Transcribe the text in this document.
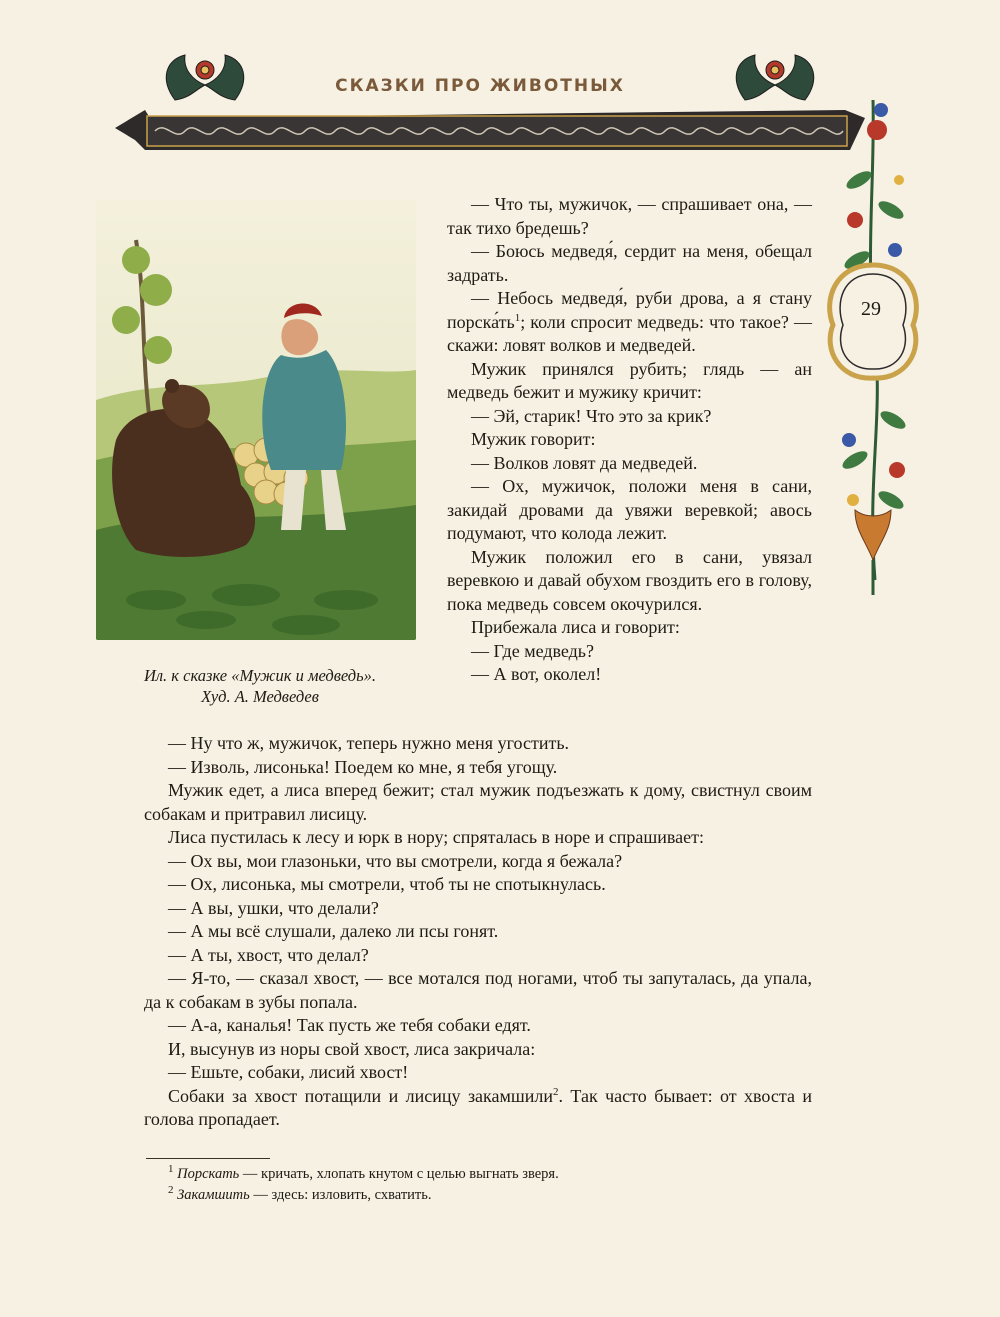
СКАЗКИ ПРО ЖИВОТНЫХ
29
Ил. к сказке «Мужик и медведь».
Худ. А. Медведев

— Что ты, мужичок, — спрашивает она, — так тихо бредешь?

— Боюсь медведя́, сердит на меня, обещал задрать.

— Небось медведя́, руби дрова, а я стану $порска́ть^1$; коли спросит медведь: что такое? — скажи: ловят волков и медведей.

Мужик принялся рубить; глядь — ан медведь бежит и мужику кричит:

— Эй, старик! Что это за крик?

Мужик говорит:

— Волков ловят да медведей.

— Ох, мужичок, положи меня в сани, закидай дровами да увяжи веревкой; авось подумают, что колода лежит.

Мужик положил его в сани, увязал веревкою и давай обухом гвоздить его в голову, пока медведь совсем окочурился.

Прибежала лиса и говорит:

— Где медведь?

— А вот, околел!

— Ну что ж, мужичок, теперь нужно меня угостить.

— Изволь, лисонька! Поедем ко мне, я тебя угощу.

Мужик едет, а лиса вперед бежит; стал мужик подъезжать к дому, свистнул своим собакам и притравил лисицу.

Лиса пустилась к лесу и юрк в нору; спряталась в норе и спрашивает:

— Ох вы, мои глазоньки, что вы смотрели, когда я бежала?

— Ох, лисонька, мы смотрели, чтоб ты не спотыкнулась.

— А вы, ушки, что делали?

— А мы всё слушали, далеко ли псы гонят.

— А ты, хвост, что делал?

— Я-то, — сказал хвост, — все мотался под ногами, чтоб ты запуталась, да упала, да к собакам в зубы попала.

— А-а, каналья! Так пусть же тебя собаки едят.

И, высунув из норы свой хвост, лиса закричала:

— Ешьте, собаки, лисий хвост!

Собаки за хвост потащили и лисицу закамшили$^2$. Так часто бывает: от хвоста и голова пропадает.

$^1$ Порскать — кричать, хлопать кнутом с целью выгнать зверя.
$^2$ Закамшить — здесь: изловить, схватить.
